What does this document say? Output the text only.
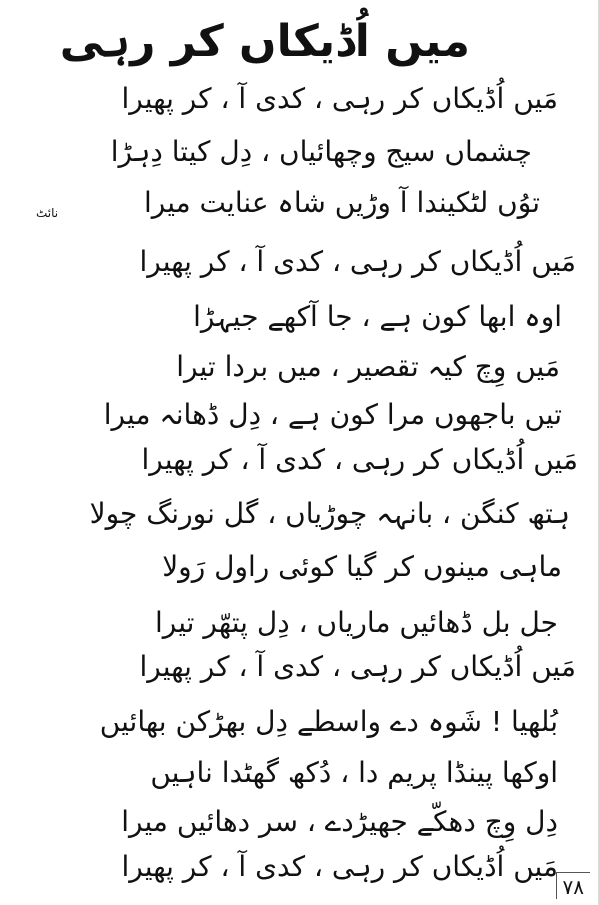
میں اُڈیکاں کر رہی
نائٹ
مَیں اُڈیکاں کر رہی ، کدی آ ، کر پھیرا
چشماں سیج وچھائیاں ، دِل کیتا دِہڑا
توُں لٹکیندا آ وڑیں شاہ عنایت میرا
مَیں اُڈیکاں کر رہی ، کدی آ ، کر پھیرا
اوہ ابھا کون ہے ، جا آکھے جیہڑا
مَیں وِچ کیہ تقصیر ، میں بردا تیرا
تیں باجھوں مرا کون ہے ، دِل ڈھانہ میرا
مَیں اُڈیکاں کر رہی ، کدی آ ، کر پھیرا
ہتھ کنگن ، بانہہ چوڑیاں ، گل نورنگ چولا
ماہی مینوں کر گیا کوئی راول رَولا
جل بل ڈھائیں ماریاں ، دِل پتھّر تیرا
مَیں اُڈیکاں کر رہی ، کدی آ ، کر پھیرا
بُلھیا ! شَوہ دے واسطے دِل بھڑکن بھائیں
اوکھا پینڈا پریم دا ، دُکھ گھٹدا ناہیں
دِل وِچ دھکّے جھیڑدے ، سر دھائیں میرا
مَیں اُڈیکاں کر رہی ، کدی آ ، کر پھیرا
۷۸
